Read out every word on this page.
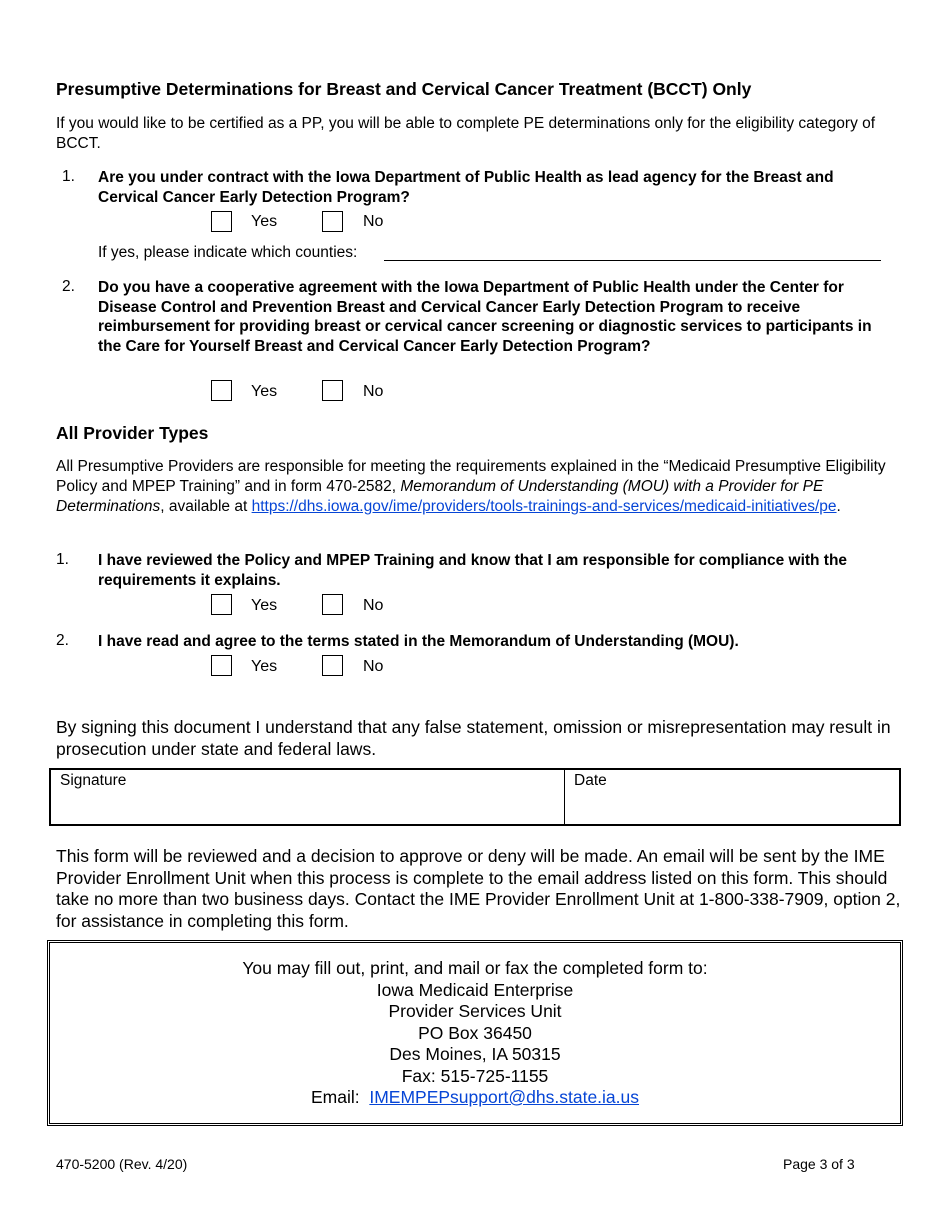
Presumptive Determinations for Breast and Cervical Cancer Treatment (BCCT) Only
If you would like to be certified as a PP, you will be able to complete PE determinations only for the eligibility category of BCCT.
1. Are you under contract with the Iowa Department of Public Health as lead agency for the Breast and Cervical Cancer Early Detection Program?
Yes	No
If yes, please indicate which counties:
2. Do you have a cooperative agreement with the Iowa Department of Public Health under the Center for Disease Control and Prevention Breast and Cervical Cancer Early Detection Program to receive reimbursement for providing breast or cervical cancer screening or diagnostic services to participants in the Care for Yourself Breast and Cervical Cancer Early Detection Program?
Yes	No
All Provider Types
All Presumptive Providers are responsible for meeting the requirements explained in the “Medicaid Presumptive Eligibility Policy and MPEP Training” and in form 470-2582, Memorandum of Understanding (MOU) with a Provider for PE Determinations, available at https://dhs.iowa.gov/ime/providers/tools-trainings-and-services/medicaid-initiatives/pe.
1. I have reviewed the Policy and MPEP Training and know that I am responsible for compliance with the requirements it explains.
Yes	No
2. I have read and agree to the terms stated in the Memorandum of Understanding (MOU).
Yes	No
By signing this document I understand that any false statement, omission or misrepresentation may result in prosecution under state and federal laws.
Signature	Date
This form will be reviewed and a decision to approve or deny will be made. An email will be sent by the IME Provider Enrollment Unit when this process is complete to the email address listed on this form. This should take no more than two business days. Contact the IME Provider Enrollment Unit at 1-800-338-7909, option 2, for assistance in completing this form.
You may fill out, print, and mail or fax the completed form to:
Iowa Medicaid Enterprise
Provider Services Unit
PO Box 36450
Des Moines, IA 50315
Fax: 515-725-1155
Email: IMEMPEPsupport@dhs.state.ia.us
470-5200 (Rev. 4/20)	Page 3 of 3
